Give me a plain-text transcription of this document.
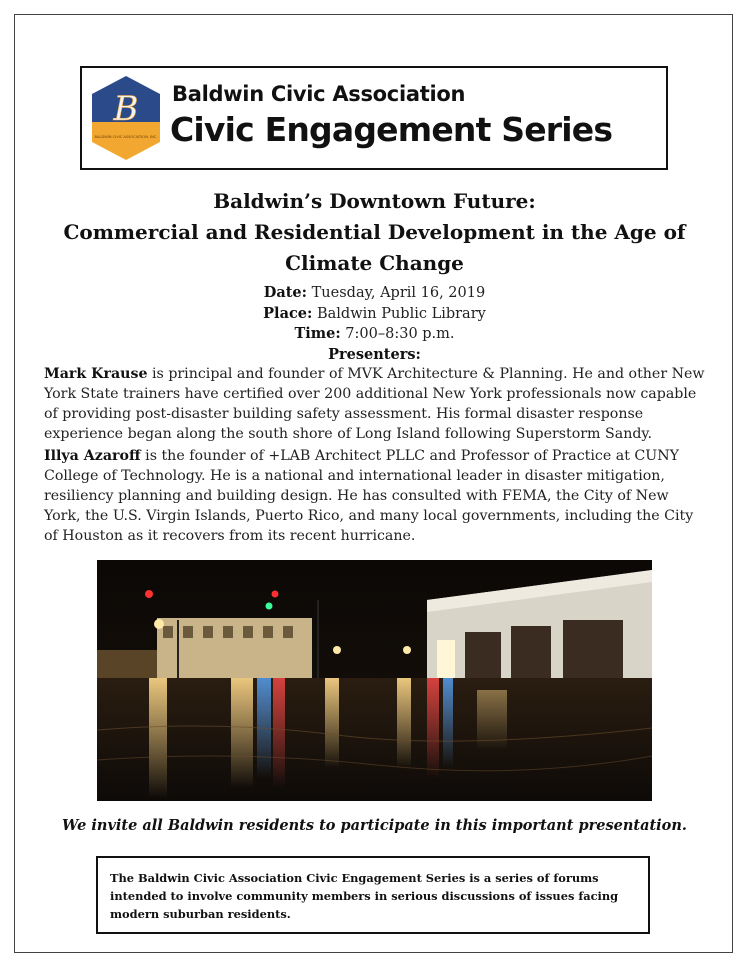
B
BALDWIN CIVIC ASSOCIATION, INC.
Baldwin Civic Association
Civic Engagement Series
Baldwin’s Downtown Future:
Commercial and Residential Development in the Age of
Climate Change
Date: Tuesday, April 16, 2019
Place: Baldwin Public Library
Time: 7:00–8:30 p.m.
Presenters:
Mark Krause is principal and founder of MVK Architecture & Planning. He and other New York State trainers have certified over 200 additional New York professionals now capable of providing post-disaster building safety assessment. His formal disaster response experience began along the south shore of Long Island following Superstorm Sandy.
Illya Azaroff is the founder of +LAB Architect PLLC and Professor of Practice at CUNY College of Technology. He is a national and international leader in disaster mitigation, resiliency planning and building design. He has consulted with FEMA, the City of New York, the U.S. Virgin Islands, Puerto Rico, and many local governments, including the City of Houston as it recovers from its recent hurricane.
We invite all Baldwin residents to participate in this important presentation.
The Baldwin Civic Association Civic Engagement Series is a series of forums intended to involve community members in serious discussions of issues facing modern suburban residents.
